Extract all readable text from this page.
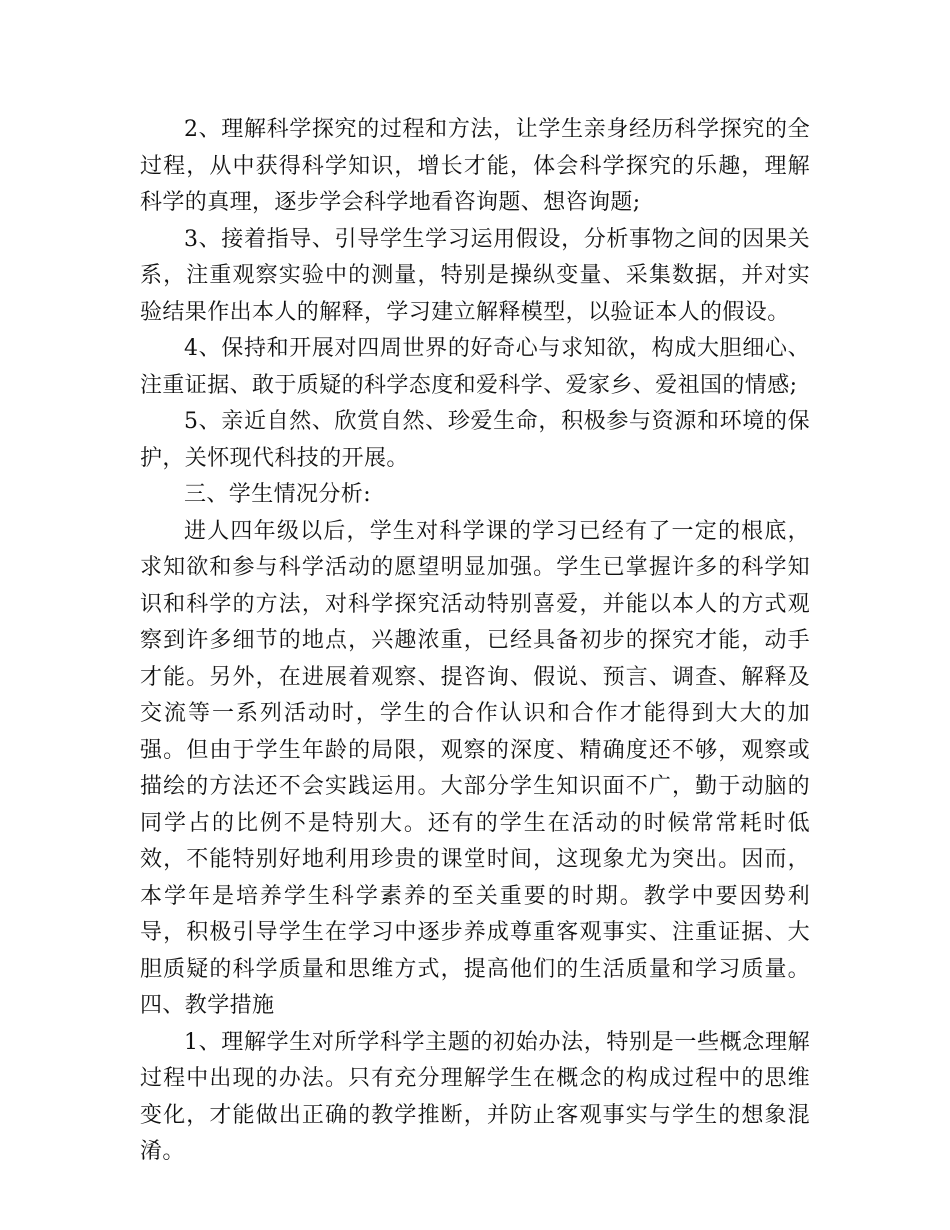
2、理解科学探究的过程和方法，让学生亲身经历科学探究的全过程，从中获得科学知识，增长才能，体会科学探究的乐趣，理解科学的真理，逐步学会科学地看咨询题、想咨询题;

3、接着指导、引导学生学习运用假设，分析事物之间的因果关系，注重观察实验中的测量，特别是操纵变量、采集数据，并对实验结果作出本人的解释，学习建立解释模型，以验证本人的假设。

4、保持和开展对四周世界的好奇心与求知欲，构成大胆细心、注重证据、敢于质疑的科学态度和爱科学、爱家乡、爱祖国的情感;

5、亲近自然、欣赏自然、珍爱生命，积极参与资源和环境的保护，关怀现代科技的开展。

三、学生情况分析:

进人四年级以后，学生对科学课的学习已经有了一定的根底，求知欲和参与科学活动的愿望明显加强。学生已掌握许多的科学知识和科学的方法，对科学探究活动特别喜爱，并能以本人的方式观察到许多细节的地点，兴趣浓重，已经具备初步的探究才能，动手才能。另外，在进展着观察、提咨询、假说、预言、调查、解释及交流等一系列活动时，学生的合作认识和合作才能得到大大的加强。但由于学生年龄的局限，观察的深度、精确度还不够，观察或描绘的方法还不会实践运用。大部分学生知识面不广，勤于动脑的同学占的比例不是特别大。还有的学生在活动的时候常常耗时低效，不能特别好地利用珍贵的课堂时间，这现象尤为突出。因而，本学年是培养学生科学素养的至关重要的时期。教学中要因势利导，积极引导学生在学习中逐步养成尊重客观事实、注重证据、大胆质疑的科学质量和思维方式，提高他们的生活质量和学习质量。 四、教学措施

1、理解学生对所学科学主题的初始办法，特别是一些概念理解过程中出现的办法。只有充分理解学生在概念的构成过程中的思维变化，才能做出正确的教学推断，并防止客观事实与学生的想象混淆。
